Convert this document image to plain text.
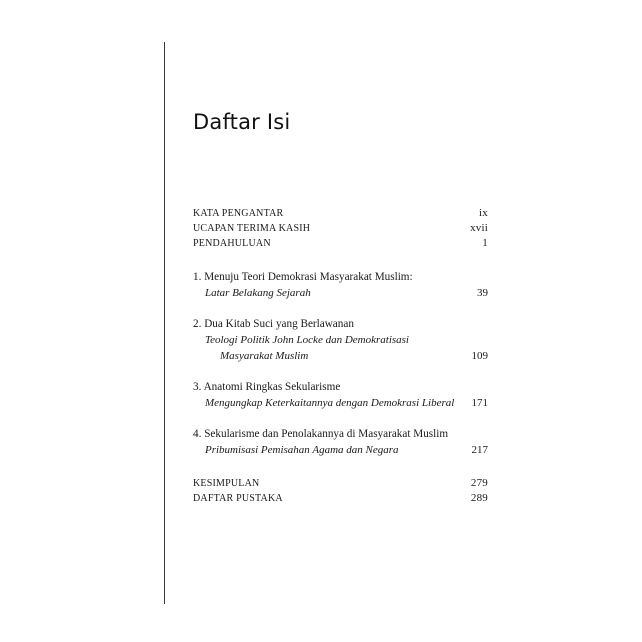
Daftar Isi
KATA PENGANTAR	ix
UCAPAN TERIMA KASIH	xvii
PENDAHULUAN	1
1. Menuju Teori Demokrasi Masyarakat Muslim:
Latar Belakang Sejarah	39
2. Dua Kitab Suci yang Berlawanan
Teologi Politik John Locke dan Demokratisasi
Masyarakat Muslim	109
3. Anatomi Ringkas Sekularisme
Mengungkap Keterkaitannya dengan Demokrasi Liberal 171
4. Sekularisme dan Penolakannya di Masyarakat Muslim
Pribumisasi Pemisahan Agama dan Negara	217
KESIMPULAN	279
DAFTAR PUSTAKA	289
